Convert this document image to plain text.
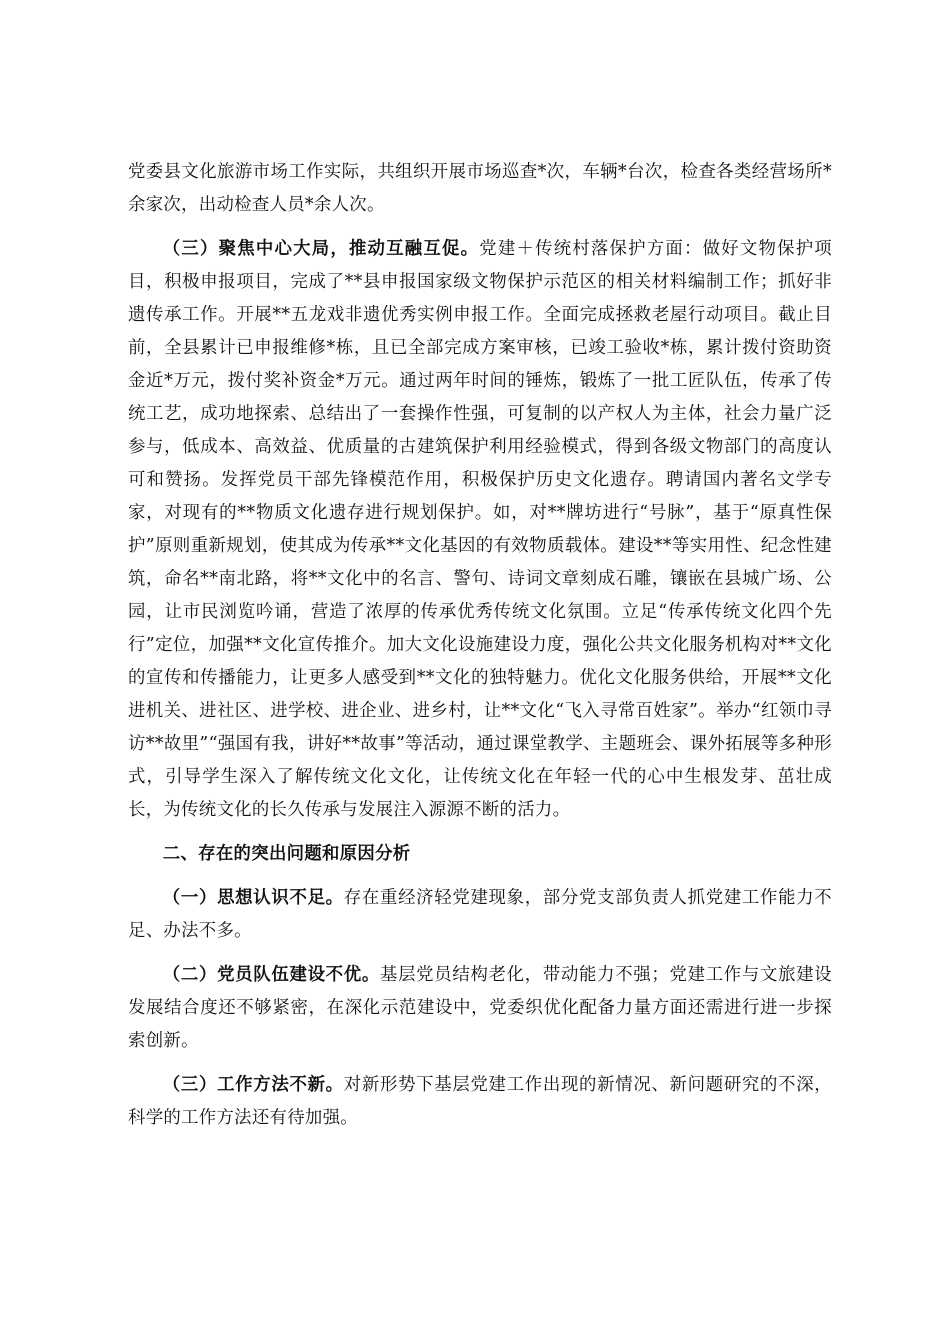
党委县文化旅游市场工作实际，共组织开展市场巡查*次，车辆*台次，检查各类经营场所*余家次，出动检查人员*余人次。

（三）聚焦中心大局，推动互融互促。党建＋传统村落保护方面：做好文物保护项目，积极申报项目，完成了**县申报国家级文物保护示范区的相关材料编制工作；抓好非遗传承工作。开展**五龙戏非遗优秀实例申报工作。全面完成拯救老屋行动项目。截止目前，全县累计已申报维修*栋，且已全部完成方案审核，已竣工验收*栋，累计拨付资助资金近*万元，拨付奖补资金*万元。通过两年时间的锤炼，锻炼了一批工匠队伍，传承了传统工艺，成功地探索、总结出了一套操作性强，可复制的以产权人为主体，社会力量广泛参与，低成本、高效益、优质量的古建筑保护利用经验模式，得到各级文物部门的高度认可和赞扬。发挥党员干部先锋模范作用，积极保护历史文化遗存。聘请国内著名文学专家，对现有的**物质文化遗存进行规划保护。如，对**牌坊进行“号脉”，基于“原真性保护”原则重新规划，使其成为传承**文化基因的有效物质载体。建设**等实用性、纪念性建筑，命名**南北路，将**文化中的名言、警句、诗词文章刻成石雕，镶嵌在县城广场、公园，让市民浏览吟诵，营造了浓厚的传承优秀传统文化氛围。立足“传承传统文化四个先行”定位，加强**文化宣传推介。加大文化设施建设力度，强化公共文化服务机构对**文化的宣传和传播能力，让更多人感受到**文化的独特魅力。优化文化服务供给，开展**文化进机关、进社区、进学校、进企业、进乡村，让**文化“飞入寻常百姓家”。举办“红领巾寻访**故里”“强国有我，讲好**故事”等活动，通过课堂教学、主题班会、课外拓展等多种形式，引导学生深入了解传统文化文化，让传统文化在年轻一代的心中生根发芽、茁壮成长，为传统文化的长久传承与发展注入源源不断的活力。

二、存在的突出问题和原因分析

（一）思想认识不足。存在重经济轻党建现象，部分党支部负责人抓党建工作能力不足、办法不多。

（二）党员队伍建设不优。基层党员结构老化，带动能力不强；党建工作与文旅建设发展结合度还不够紧密，在深化示范建设中，党委织优化配备力量方面还需进行进一步探索创新。

（三）工作方法不新。对新形势下基层党建工作出现的新情况、新问题研究的不深，科学的工作方法还有待加强。
